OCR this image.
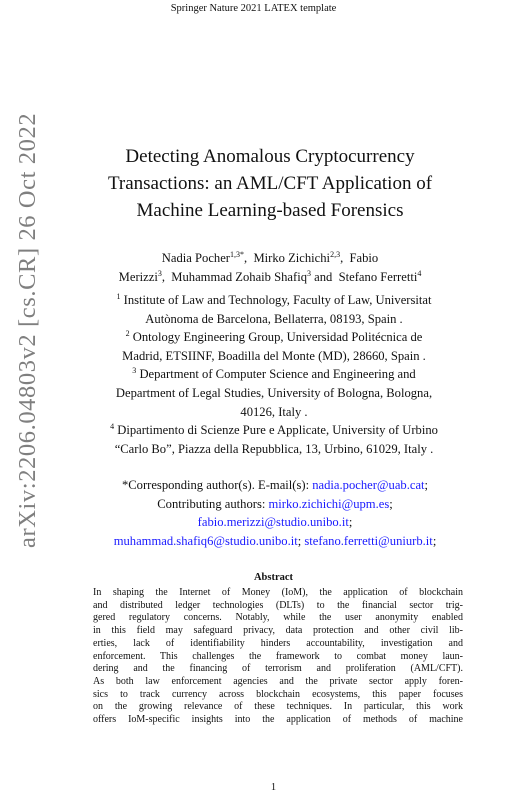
Springer Nature 2021 LATEX template
arXiv:2206.04803v2 [cs.CR] 26 Oct 2022	Detecting Anomalous Cryptocurrency
Transactions: an AML/CFT Application of
Machine Learning-based Forensics
Nadia Pocher$^{1,3*}$, Mirko Zichichi$^{2,3}$, Fabio
Merizzi$^3$, Muhammad Zohaib Shafiq$^3$ and Stefano Ferretti$^4$
$^1$ Institute of Law and Technology, Faculty of Law, Universitat
Autònoma de Barcelona, Bellaterra, 08193, Spain .
$^2$ Ontology Engineering Group, Universidad Politécnica de
Madrid, ETSIINF, Boadilla del Monte (MD), 28660, Spain .
$^3$ Department of Computer Science and Engineering and
Department of Legal Studies, University of Bologna, Bologna,
40126, Italy .
$^4$ Dipartimento di Scienze Pure e Applicate, University of Urbino
“Carlo Bo”, Piazza della Repubblica, 13, Urbino, 61029, Italy .
*Corresponding author(s). E-mail(s): nadia.pocher@uab.cat;
Contributing authors: mirko.zichichi@upm.es;
fabio.merizzi@studio.unibo.it;
muhammad.shafiq6@studio.unibo.it; stefano.ferretti@uniurb.it;
Abstract
In shaping the Internet of Money (IoM), the application of blockchain
and distributed ledger technologies (DLTs) to the financial sector trig-
gered regulatory concerns. Notably, while the user anonymity enabled
in this field may safeguard privacy, data protection and other civil lib-
erties, lack of identifiability hinders accountability, investigation and
enforcement. This challenges the framework to combat money laun-
dering and the financing of terrorism and proliferation (AML/CFT).
As both law enforcement agencies and the private sector apply foren-
sics to track currency across blockchain ecosystems, this paper focuses
on the growing relevance of these techniques. In particular, this work
offers IoM-specific insights into the application of methods of machine
1
